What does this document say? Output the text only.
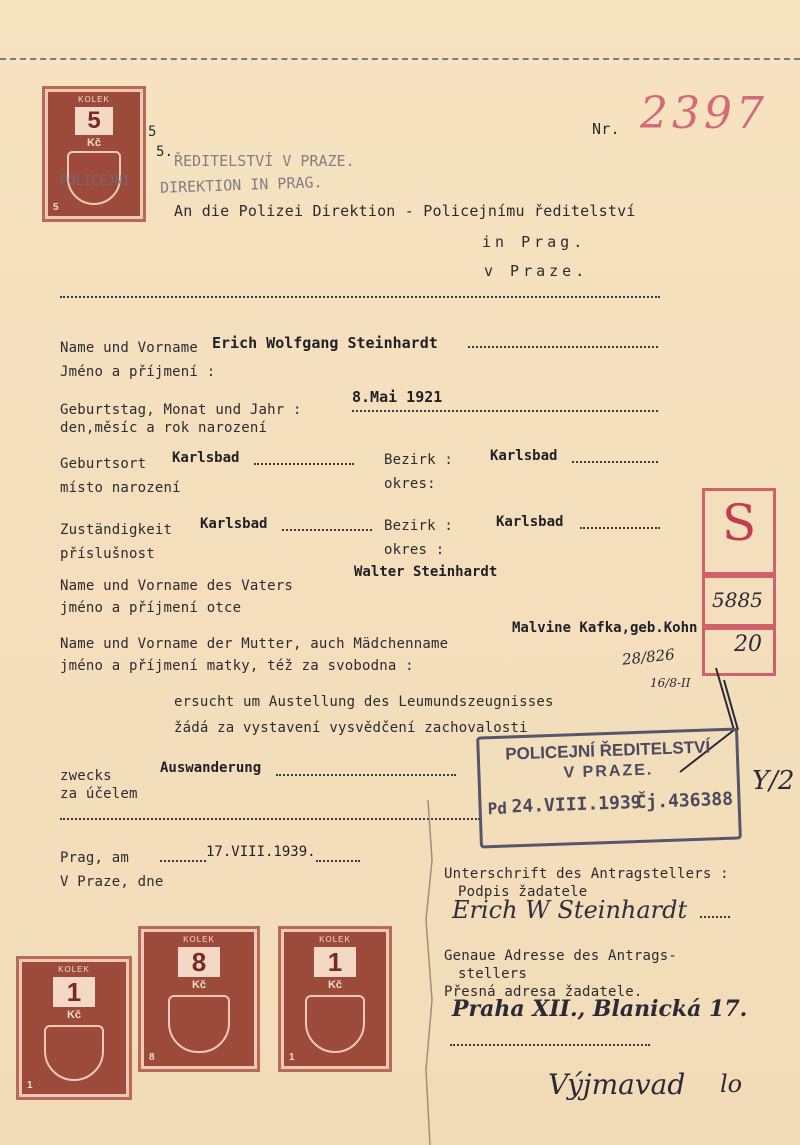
KOLEK
5
Kč
5
5
5. ŘEDITELSTVÍ V PRAZE.
DIREKTION IN PRAG.
POLICEJNÍ
Nr. 2397
An die Polizei Direktion - Policejnímu ředitelství
in Prag.
v Praze.
Name und Vorname Erich Wolfgang Steinhardt
Jméno a příjmení :
8.Mai 1921
Geburtstag, Monat und Jahr :
den,měsíc a rok narození
Geburtsort Karlsbad	Bezirk :	Karlsbad
místo narození	okres:
Zuständigkeit Karlsbad	Bezirk :	Karlsbad
příslušnost	okres :
Walter Steinhardt
Name und Vorname des Vaters
jméno a příjmení otce
Malvine Kafka,geb.Kohn
Name und Vorname der Mutter, auch Mädchenname
jméno a příjmení matky, též za svobodna :
S
5885
20
28/826
16/8-II
ersucht um Austellung des Leumundszeugnisses
žádá za vystavení vysvědčení zachovalosti
zwecks	Auswanderung
za účelem
POLICEJNÍ ŘEDITELSTVÍ
V PRAZE.
Pd 24.VIII.1939
Čj.436388
Y/2
Prag, am	17.VIII.1939.
V Praze, dne	Unterschrift des Antragstellers :
Podpis žadatele
Erich W Steinhardt
Genaue Adresse des Antrags-
stellers
Přesná adresa žadatele.
Praha XII., Blanická 17.
Výjmavad lo
KOLEK
1
Kč
1
KOLEK
8
Kč
8
KOLEK
1
Kč
1
